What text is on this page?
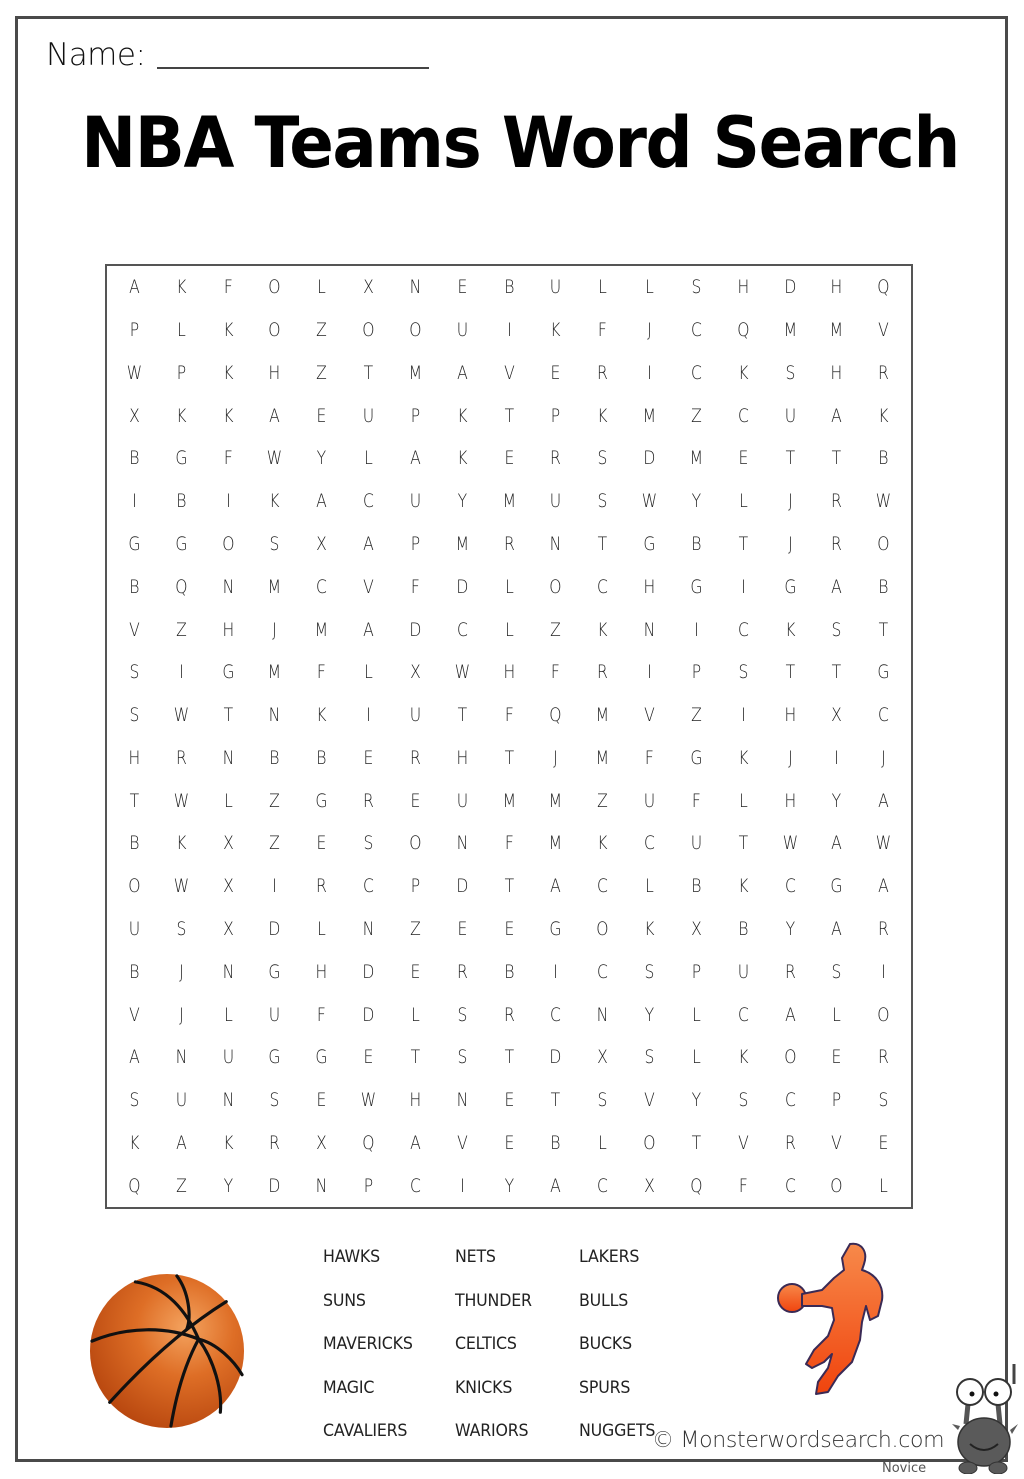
Name:
NBA Teams Word Search
A	K	F	O	L	X	N	E	B	U	L	L	S	H	D	H	Q
P	L	K	O	Z	O	O	U	I	K	F	J	C	Q	M	M	V
W	P	K	H	Z	T	M	A	V	E	R	I	C	K	S	H	R
X	K	K	A	E	U	P	K	T	P	K	M	Z	C	U	A	K
B	G	F	W	Y	L	A	K	E	R	S	D	M	E	T	T	B
I	B	I	K	A	C	U	Y	M	U	S	W	Y	L	J	R	W
G	G	O	S	X	A	P	M	R	N	T	G	B	T	J	R	O
B	Q	N	M	C	V	F	D	L	O	C	H	G	I	G	A	B
V	Z	H	J	M	A	D	C	L	Z	K	N	I	C	K	S	T
S	I	G	M	F	L	X	W	H	F	R	I	P	S	T	T	G
S	W	T	N	K	I	U	T	F	Q	M	V	Z	I	H	X	C
H	R	N	B	B	E	R	H	T	J	M	F	G	K	J	I	J
T	W	L	Z	G	R	E	U	M	M	Z	U	F	L	H	Y	A
B	K	X	Z	E	S	O	N	F	M	K	C	U	T	W	A	W
O	W	X	I	R	C	P	D	T	A	C	L	B	K	C	G	A
U	S	X	D	L	N	Z	E	E	G	O	K	X	B	Y	A	R
B	J	N	G	H	D	E	R	B	I	C	S	P	U	R	S	I
V	J	L	U	F	D	L	S	R	C	N	Y	L	C	A	L	O
A	N	U	G	G	E	T	S	T	D	X	S	L	K	O	E	R
S	U	N	S	E	W	H	N	E	T	S	V	Y	S	C	P	S
K	A	K	R	X	Q	A	V	E	B	L	O	T	V	R	V	E
Q	Z	Y	D	N	P	C	I	Y	A	C	X	Q	F	C	O	L
HAWKS	NETS	LAKERS
SUNS	THUNDER	BULLS
MAVERICKS	CELTICS	BUCKS
MAGIC	KNICKS	SPURS
CAVALIERS	WARIORS	NUGGETS
© Monsterwordsearch.com
Novice
